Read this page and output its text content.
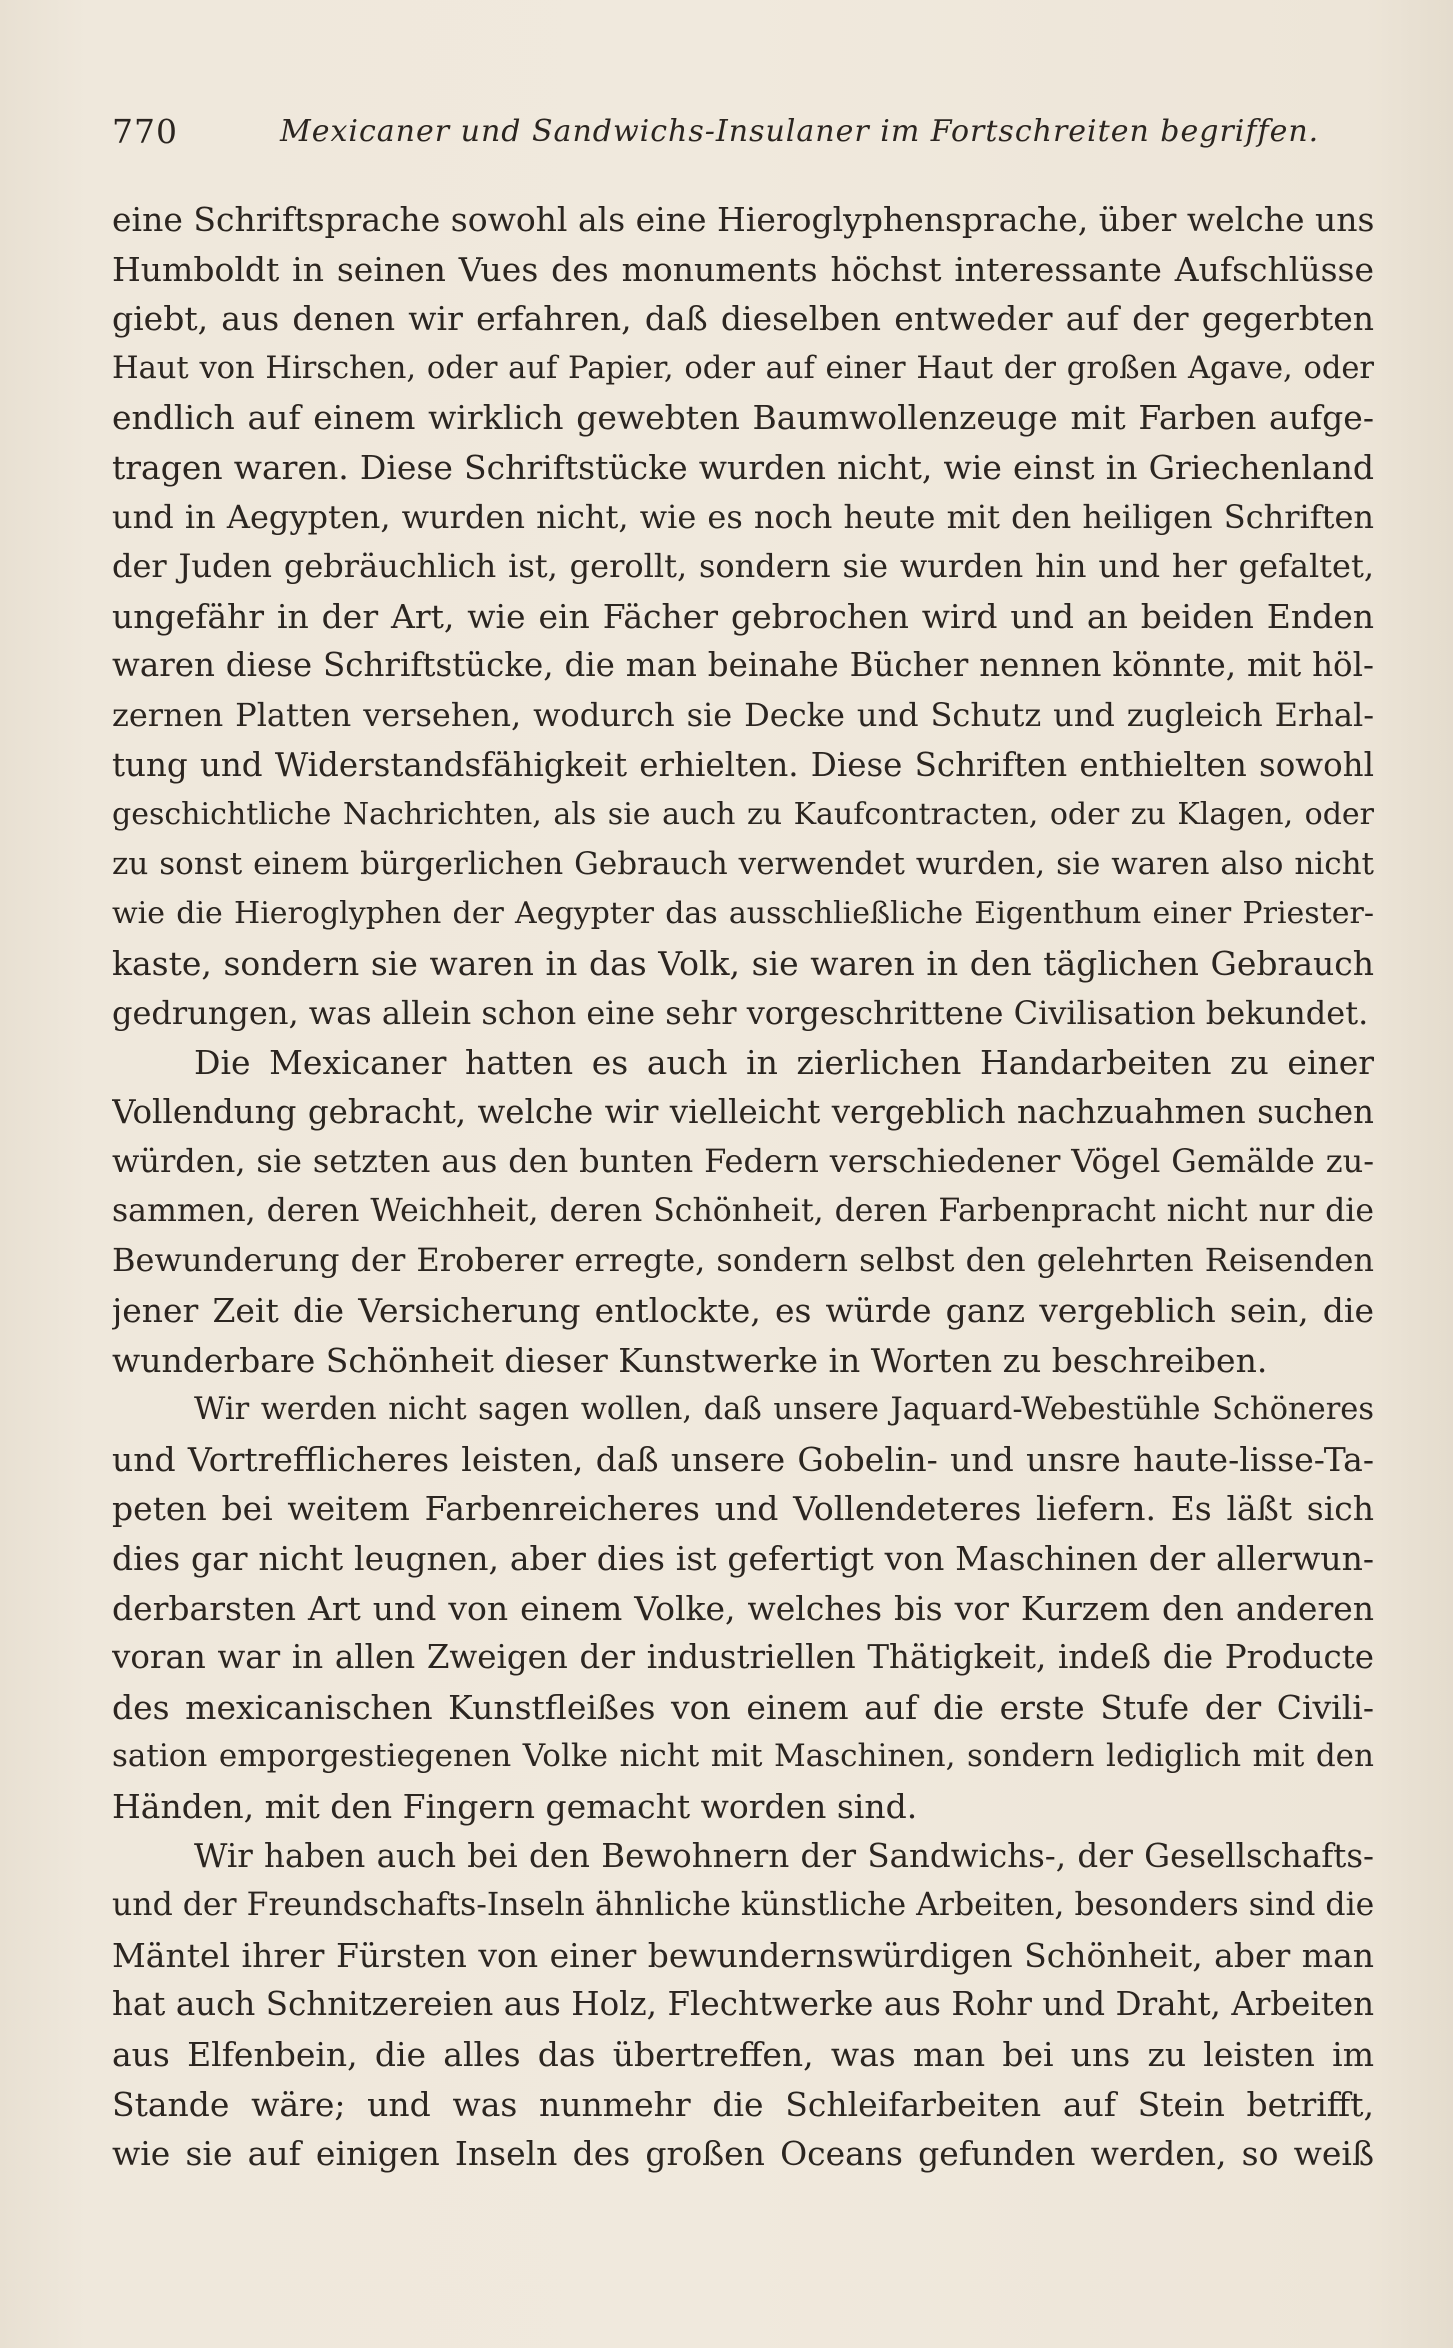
770	Mexicaner und Sandwichs-Insulaner im Fortschreiten begriffen.
eine Schriftsprache sowohl als eine Hieroglyphensprache, über welche uns
Humboldt in seinen Vues des monuments höchst interessante Aufschlüsse
giebt, aus denen wir erfahren, daß dieselben entweder auf der gegerbten
Haut von Hirschen, oder auf Papier, oder auf einer Haut der großen Agave, oder
endlich auf einem wirklich gewebten Baumwollenzeuge mit Farben aufge-
tragen waren. Diese Schriftstücke wurden nicht, wie einst in Griechenland
und in Aegypten, wurden nicht, wie es noch heute mit den heiligen Schriften
der Juden gebräuchlich ist, gerollt, sondern sie wurden hin und her gefaltet,
ungefähr in der Art, wie ein Fächer gebrochen wird und an beiden Enden
waren diese Schriftstücke, die man beinahe Bücher nennen könnte, mit höl-
zernen Platten versehen, wodurch sie Decke und Schutz und zugleich Erhal-
tung und Widerstandsfähigkeit erhielten. Diese Schriften enthielten sowohl
geschichtliche Nachrichten, als sie auch zu Kaufcontracten, oder zu Klagen, oder
zu sonst einem bürgerlichen Gebrauch verwendet wurden, sie waren also nicht
wie die Hieroglyphen der Aegypter das ausschließliche Eigenthum einer Priester-
kaste, sondern sie waren in das Volk, sie waren in den täglichen Gebrauch
gedrungen, was allein schon eine sehr vorgeschrittene Civilisation bekundet.
Die Mexicaner hatten es auch in zierlichen Handarbeiten zu einer
Vollendung gebracht, welche wir vielleicht vergeblich nachzuahmen suchen
würden, sie setzten aus den bunten Federn verschiedener Vögel Gemälde zu-
sammen, deren Weichheit, deren Schönheit, deren Farbenpracht nicht nur die
Bewunderung der Eroberer erregte, sondern selbst den gelehrten Reisenden
jener Zeit die Versicherung entlockte, es würde ganz vergeblich sein, die
wunderbare Schönheit dieser Kunstwerke in Worten zu beschreiben.
Wir werden nicht sagen wollen, daß unsere Jaquard-Webestühle Schöneres
und Vortrefflicheres leisten, daß unsere Gobelin- und unsre haute-lisse-Ta-
peten bei weitem Farbenreicheres und Vollendeteres liefern. Es läßt sich
dies gar nicht leugnen, aber dies ist gefertigt von Maschinen der allerwun-
derbarsten Art und von einem Volke, welches bis vor Kurzem den anderen
voran war in allen Zweigen der industriellen Thätigkeit, indeß die Producte
des mexicanischen Kunstfleißes von einem auf die erste Stufe der Civili-
sation emporgestiegenen Volke nicht mit Maschinen, sondern lediglich mit den
Händen, mit den Fingern gemacht worden sind.
Wir haben auch bei den Bewohnern der Sandwichs-, der Gesellschafts-
und der Freundschafts-Inseln ähnliche künstliche Arbeiten, besonders sind die
Mäntel ihrer Fürsten von einer bewundernswürdigen Schönheit, aber man
hat auch Schnitzereien aus Holz, Flechtwerke aus Rohr und Draht, Arbeiten
aus Elfenbein, die alles das übertreffen, was man bei uns zu leisten im
Stande wäre; und was nunmehr die Schleifarbeiten auf Stein betrifft,
wie sie auf einigen Inseln des großen Oceans gefunden werden, so weiß
